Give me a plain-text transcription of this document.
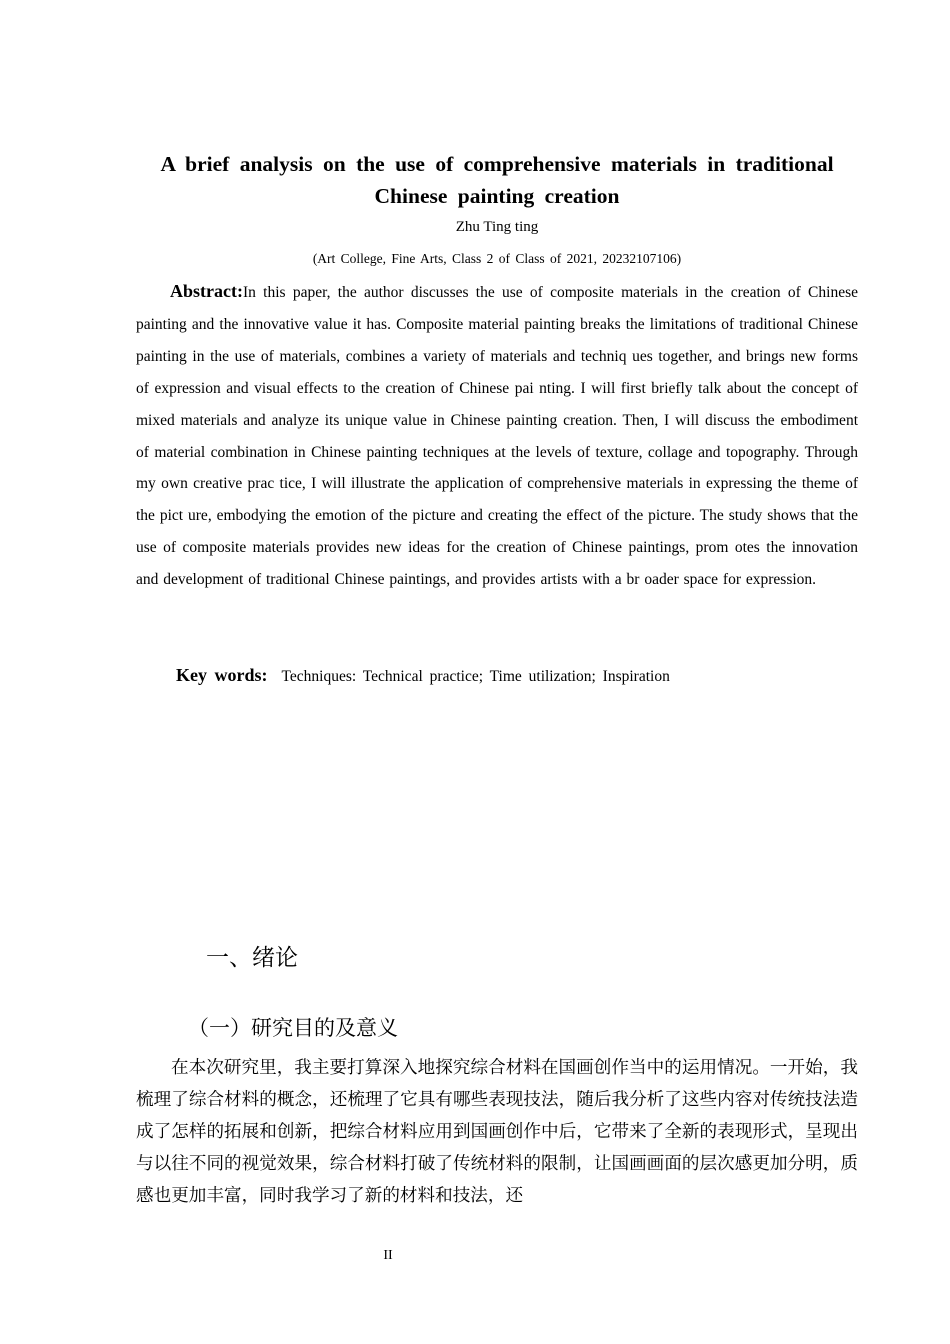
A brief analysis on the use of comprehensive materials in traditional Chinese painting creation
Zhu Ting ting
(Art College, Fine Arts, Class 2 of Class of 2021, 20232107106)
Abstract:In this paper, the author discusses the use of composite materials in the creation of Chinese painting and the innovative value it has. Composite material painting breaks the limitations of traditional Chinese painting in the use of materials, combines a variety of materials and techniq ues together, and brings new forms of expression and visual effects to the creation of Chinese pai nting. I will first briefly talk about the concept of mixed materials and analyze its unique value in Chinese painting creation. Then, I will discuss the embodiment of material combination in Chinese painting techniques at the levels of texture, collage and topography. Through my own creative prac tice, I will illustrate the application of comprehensive materials in expressing the theme of the pict ure, embodying the emotion of the picture and creating the effect of the picture. The study shows that the use of composite materials provides new ideas for the creation of Chinese paintings, prom otes the innovation and development of traditional Chinese paintings, and provides artists with a br oader space for expression.
Key words: Techniques: Technical practice; Time utilization; Inspiration
一、绪论
（一）研究目的及意义

在本次研究里，我主要打算深入地探究综合材料在国画创作当中的运用情况。一开始，我梳理了综合材料的概念，还梳理了它具有哪些表现技法，随后我分析了这些内容对传统技法造成了怎样的拓展和创新，把综合材料应用到国画创作中后，它带来了全新的表现形式，呈现出与以往不同的视觉效果，综合材料打破了传统材料的限制，让国画画面的层次感更加分明，质感也更加丰富，同时我学习了新的材料和技法，还

II
